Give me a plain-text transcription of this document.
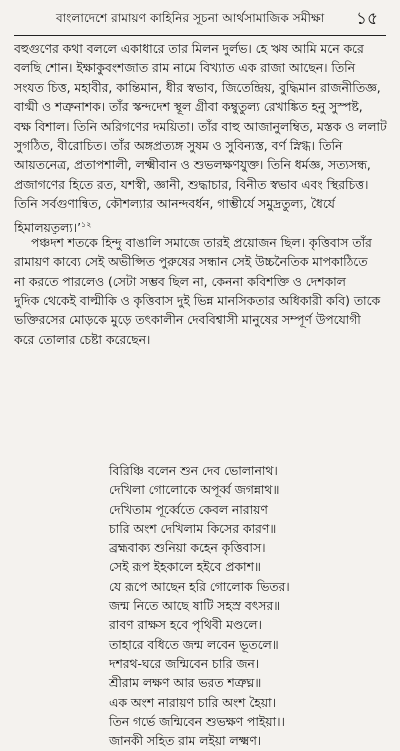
বাংলাদেশে রামায়ণ কাহিনির সূচনা আর্থসামাজিক সমীক্ষা ১৫
বহুগুণের কথা বললে একাধারে তার মিলন দুর্লভ। হে ঋষ আমি মনে করে
বলছি শোন। ইক্ষাকুবংশজাত রাম নামে বিখ্যাত এক রাজা আছেন। তিনি
সংযত চিত্ত, মহাবীর, কান্তিমান, ধীর স্বভাব, জিতেন্দ্রিয়, বুদ্ধিমান রাজনীতিজ্ঞ,
বাগ্মী ও শত্রুনাশক। তাঁর স্কন্দদেশ স্থূল গ্রীবা কম্বুতুল্য রেখাঙ্কিত হনু সুস্পষ্ট,
বক্ষ বিশাল। তিনি অরিগণের দময়িতা। তাঁর বাহু আজানুলম্বিত, মস্তক ও ললাট
সুগঠিত, বীরোচিত। তাঁর অঙ্গপ্রত্যঙ্গ সুষম ও সুবিন্যস্ত, বর্ণ স্নিগ্ধ। তিনি
আয়তনেত্র, প্রতাপশালী, লক্ষ্মীবান ও শুভলক্ষণযুক্ত। তিনি ধর্মজ্ঞ, সত্যসন্ধ,
প্রজাগণের হিতে রত, যশস্বী, জ্ঞানী, শুদ্ধাচার, বিনীত স্বভাব এবং স্থিরচিত্ত।
তিনি সর্বগুণান্বিত, কৌশল্যার আনন্দবর্ধন, গাম্ভীর্যে সমুদ্রতুল্য, ধৈর্যে
হিমালয়তুল্য।’$^{১২}$
পঞ্চদশ শতকে হিন্দু বাঙালি সমাজে তারই প্রয়োজন ছিল। কৃত্তিবাস তাঁর
রামায়ণ কাব্যে সেই অভীপ্সিত পুরুষের সন্ধান সেই উচ্চনৈতিক মাপকাঠিতে
না করতে পারলেও (সেটা সম্ভব ছিল না, কেননা কবিশক্তি ও দেশকাল
দুদিক থেকেই বাল্মীকি ও কৃত্তিবাস দুই ভিন্ন মানসিকতার অধিকারী কবি) তাকে
ভক্তিরসের মোড়কে মুড়ে তৎকালীন দেববিশ্বাসী মানুষের সম্পূর্ণ উপযোগী
করে তোলার চেষ্টা করেছেন।
বিরিঞ্চি বলেন শুন দেব ভোলানাথ।
দেখিলা গোলোকে অপূর্ব্ব জগন্নাথ॥
দেখিতাম পূর্ব্বেতে কেবল নারায়ণ
চারি অংশ দেখিলাম কিসের কারণ॥
ব্রহ্মবাক্য শুনিয়া কহেন কৃত্তিবাস।
সেই রূপ ইহকালে হইবে প্রকাশ॥
যে রূপে আছেন হরি গোলোক ভিতর।
জন্ম নিতে আছে ষাটি সহস্র বৎসর॥
রাবণ রাক্ষস হবে পৃথিবী মণ্ডলে।
তাহারে বধিতে জন্ম লবেন ভূতলে॥
দশরথ-ঘরে জন্মিবেন চারি জন।
শ্রীরাম লক্ষণ আর ভরত শত্রুঘ্ন॥
এক অংশ নারায়ণ চারি অংশ হৈয়া।
তিন গর্ভে জন্মিবেন শুভক্ষণ পাইয়া।।
জানকী সহিত রাম লইয়া লক্ষ্মণ।
